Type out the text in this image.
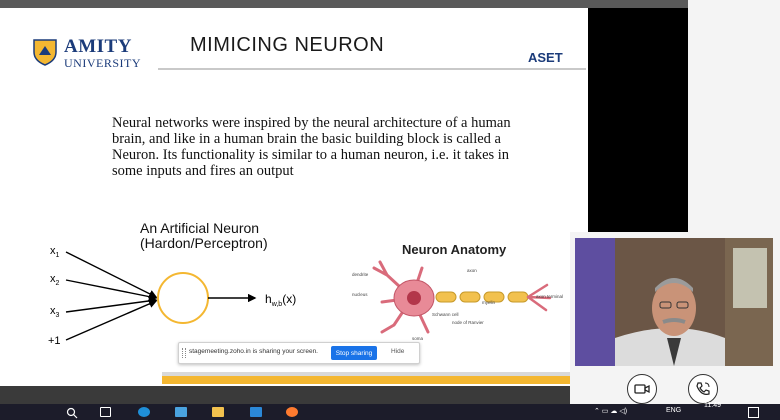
AMITY
UNIVERSITY
MIMICING NEURON
ASET
Neural networks were inspired by the neural architecture of a human brain, and like in a human brain the basic building block is called a Neuron. Its functionality is similar to a human neuron, i.e. it takes in some inputs and fires an output
An Artificial Neuron
(Hardon/Perceptron)
$x_1$
$x_2$
$x_3$
+1
$h_{w,b}(x)$
Neuron Anatomy
dendrite
axon
nucleus	axon terminal
Schwann cell
myelin
soma
node of Ranvier
stagemeeting.zoho.in is sharing your screen.	Stop sharing	Hide
⌃ ▭ ☁ ◁)	ENG
11:49
